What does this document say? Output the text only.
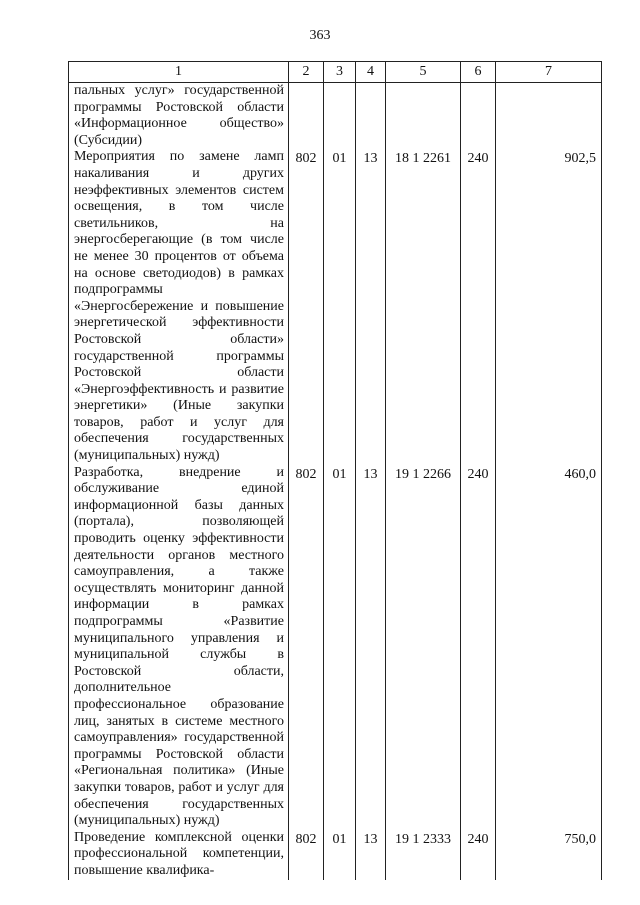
363
1	2	3	4	5	6	7
пальных услуг» государственной программы Ростовской области «Информационное общество» (Субсидии)						
Мероприятия по замене ламп накаливания и других неэффективных элементов систем освещения, в том числе светильников, на энергосберегающие (в том числе не менее 30 процентов от объема на основе светодиодов) в рамках подпрограммы «Энергосбережение и повышение энергетической эффективности Ростовской области» государственной программы Ростовской области «Энергоэффективность и развитие энергетики» (Иные закупки товаров, работ и услуг для обеспечения государственных (муниципальных) нужд)	802	01	13	18 1 2261	240	902,5
Разработка, внедрение и обслуживание единой информационной базы данных (портала), позволяющей проводить оценку эффективности деятельности органов местного самоуправления, а также осуществлять мониторинг данной информации в рамках подпрограммы «Развитие муниципального управления и муниципальной службы в Ростовской области, дополнительное профессиональное образование лиц, занятых в системе местного самоуправления» государственной программы Ростовской области «Региональная политика» (Иные закупки товаров, работ и услуг для обеспечения государственных (муниципальных) нужд)	802	01	13	19 1 2266	240	460,0
Проведение комплексной оценки профессиональной компетенции, повышение квалифика-	802	01	13	19 1 2333	240	750,0
